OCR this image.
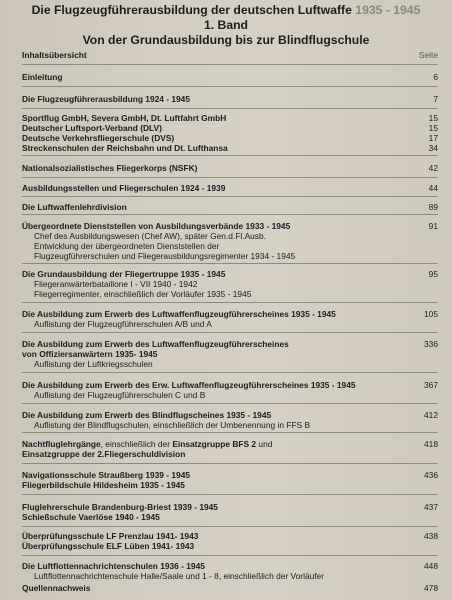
Die Flugzeugführerausbildung der deutschen Luftwaffe 1935 - 1945
1. Band
Von der Grundausbildung bis zur Blindflugschule
Inhaltsübersicht	Seite
Einleitung	6
Die Flugzeugführerausbildung 1924 - 1945	7
Sportflug GmbH, Severa GmbH, Dt. Luftfahrt GmbH	15
Deutscher Luftsport-Verband (DLV)	15
Deutsche Verkehrsfliegerschule (DVS)	17
Streckenschulen der Reichsbahn und Dt. Lufthansa	34
Nationalsozialistisches Fliegerkorps (NSFK)	42
Ausbildungsstellen und Fliegerschulen 1924 - 1939	44
Die Luftwaffenlehrdivision	89
Übergeordnete Dienststellen von Ausbildungsverbände 1933 - 1945	91
Chef des Ausbildungswesen (Chef AW), später Gen.d.Fl.Ausb.
Entwicklung der übergeordneten Dienststellen der
Flugzeugführerschulen und Fliegerausbildungsregimenter 1934 - 1945
Die Grundausbildung der Fliegertruppe 1935 - 1945	95
Fliegeranwärterbataillone I - VII 1940 - 1942
Fliegerregimenter, einschließlich der Vorläufer 1935 - 1945
Die Ausbildung zum Erwerb des Luftwaffenflugzeugführerscheines 1935 - 1945	105
Auflistung der Flugzeugführerschulen A/B und A
Die Ausbildung zum Erwerb des Luftwaffenflugzeugführerscheines	336
von Offiziersanwärtern 1935- 1945
Auflistung der Luftkriegsschulen
Die Ausbildung zum Erwerb des Erw. Luftwaffenflugzeugführerscheines 1935 - 1945	367
Auflistung der Flugzeugführerschulen C und B
Die Ausbildung zum Erwerb des Blindflugscheines 1935 - 1945	412
Auflistung der Blindflugschulen, einschließlich der Umbenennung in FFS B
Nachtfluglehrgänge, einschließlich der Einsatzgruppe BFS 2 und	418
Einsatzgruppe der 2.Fliegerschuldivision
Navigationsschule Straußberg 1939 - 1945	436
Fliegerbildschule Hildesheim 1935 - 1945
Fluglehrerschule Brandenburg-Briest 1939 - 1945	437
Schießschule Vaerlöse 1940 - 1945
Überprüfungsschule LF Prenzlau 1941- 1943	438
Überprüfungsschule ELF Lüben 1941- 1943
Die Luftflottennachrichtenschulen 1936 - 1945	448
Luftflottennachrichtenschule Halle/Saale und 1 - 8, einschließlich der Vorläufer
Quellennachweis	478
